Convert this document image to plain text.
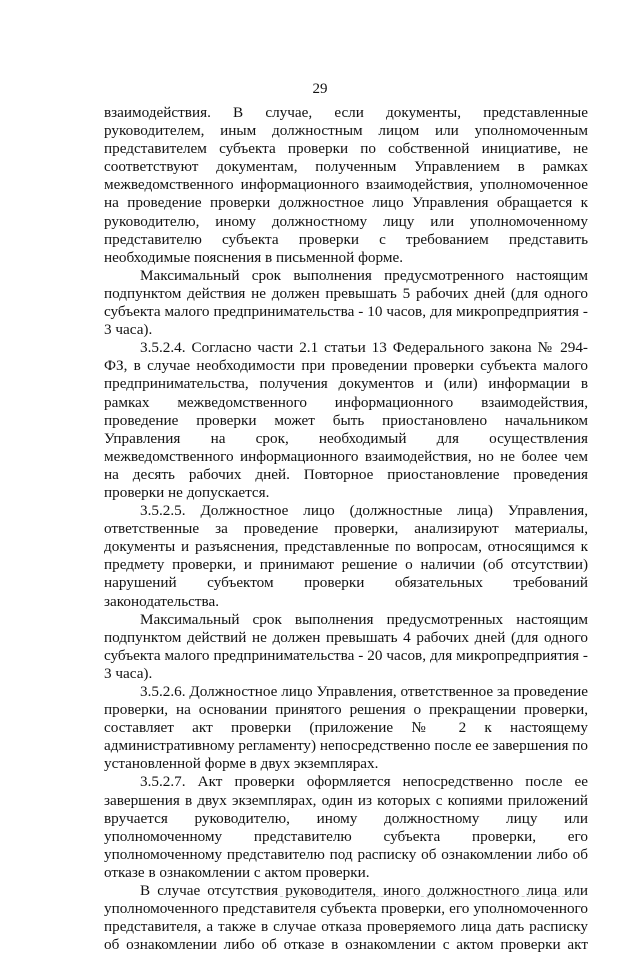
29

взаимодействия. В случае, если документы, представленные руководителем, иным должностным лицом или уполномоченным представителем субъекта проверки по собственной инициативе, не соответствуют документам, полученным Управлением в рамках межведомственного информационного взаимодействия, уполномоченное на проведение проверки должностное лицо Управления обращается к руководителю, иному должностному лицу или уполномоченному представителю субъекта проверки с требованием представить необходимые пояснения в письменной форме.

Максимальный срок выполнения предусмотренного настоящим подпунктом действия не должен превышать 5 рабочих дней (для одного субъекта малого предпринимательства - 10 часов, для микропредприятия - 3 часа).

3.5.2.4. Согласно части 2.1 статьи 13 Федерального закона № 294-ФЗ, в случае необходимости при проведении проверки субъекта малого предпринимательства, получения документов и (или) информации в рамках межведомственного информационного взаимодействия, проведение проверки может быть приостановлено начальником Управления на срок, необходимый для осуществления межведомственного информационного взаимодействия, но не более чем на десять рабочих дней. Повторное приостановление проведения проверки не допускается.

3.5.2.5. Должностное лицо (должностные лица) Управления, ответственные за проведение проверки, анализируют материалы, документы и разъяснения, представленные по вопросам, относящимся к предмету проверки, и принимают решение о наличии (об отсутствии) нарушений субъектом проверки обязательных требований законодательства.

Максимальный срок выполнения предусмотренных настоящим подпунктом действий не должен превышать 4 рабочих дней (для одного субъекта малого предпринимательства - 20 часов, для микропредприятия - 3 часа).

3.5.2.6. Должностное лицо Управления, ответственное за проведение проверки, на основании принятого решения о прекращении проверки, составляет акт проверки (приложение № 2 к настоящему административному регламенту) непосредственно после ее завершения по установленной форме в двух экземплярах.

3.5.2.7. Акт проверки оформляется непосредственно после ее завершения в двух экземплярах, один из которых с копиями приложений вручается руководителю, иному должностному лицу или уполномоченному представителю субъекта проверки, его уполномоченному представителю под расписку об ознакомлении либо об отказе в ознакомлении с актом проверки.

В случае отсутствия руководителя, иного должностного лица или уполномоченного представителя субъекта проверки, его уполномоченного представителя, а также в случае отказа проверяемого лица дать расписку об ознакомлении либо об отказе в ознакомлении с актом проверки акт
